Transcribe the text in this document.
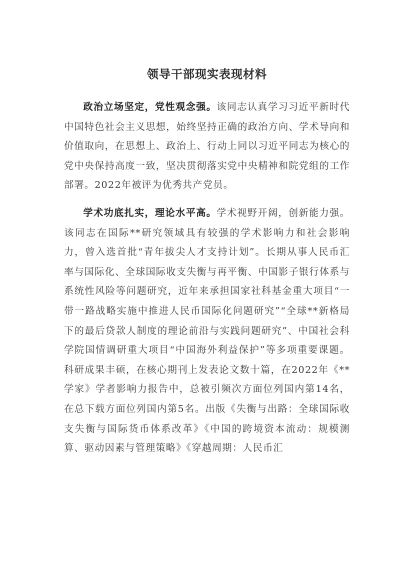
领导干部现实表现材料

政治立场坚定，党性观念强。该同志认真学习习近平新时代中国特色社会主义思想，始终坚持正确的政治方向、学术导向和价值取向，在思想上、政治上、行动上同以习近平同志为核心的党中央保持高度一致，坚决贯彻落实党中央精神和院党组的工作部署。2022年被评为优秀共产党员。

学术功底扎实，理论水平高。学术视野开阔，创新能力强。该同志在国际**研究领域具有较强的学术影响力和社会影响力，曾入选首批“青年拔尖人才支持计划”。长期从事人民币汇率与国际化、全球国际收支失衡与再平衡、中国影子银行体系与系统性风险等问题研究，近年来承担国家社科基金重大项目“一带一路战略实施中推进人民币国际化问题研究”“全球**新格局下的最后贷款人制度的理论前沿与实践问题研究”、中国社会科学院国情调研重大项目“中国海外利益保护”等多项重要课题。科研成果丰硕，在核心期刊上发表论文数十篇，在2022年《**学家》学者影响力报告中，总被引频次方面位列国内第14名，在总下载方面位列国内第5名。出版《失衡与出路：全球国际收支失衡与国际货币体系改革》《中国的跨境资本流动：规模测算、驱动因素与管理策略》《穿越周期：人民币汇
